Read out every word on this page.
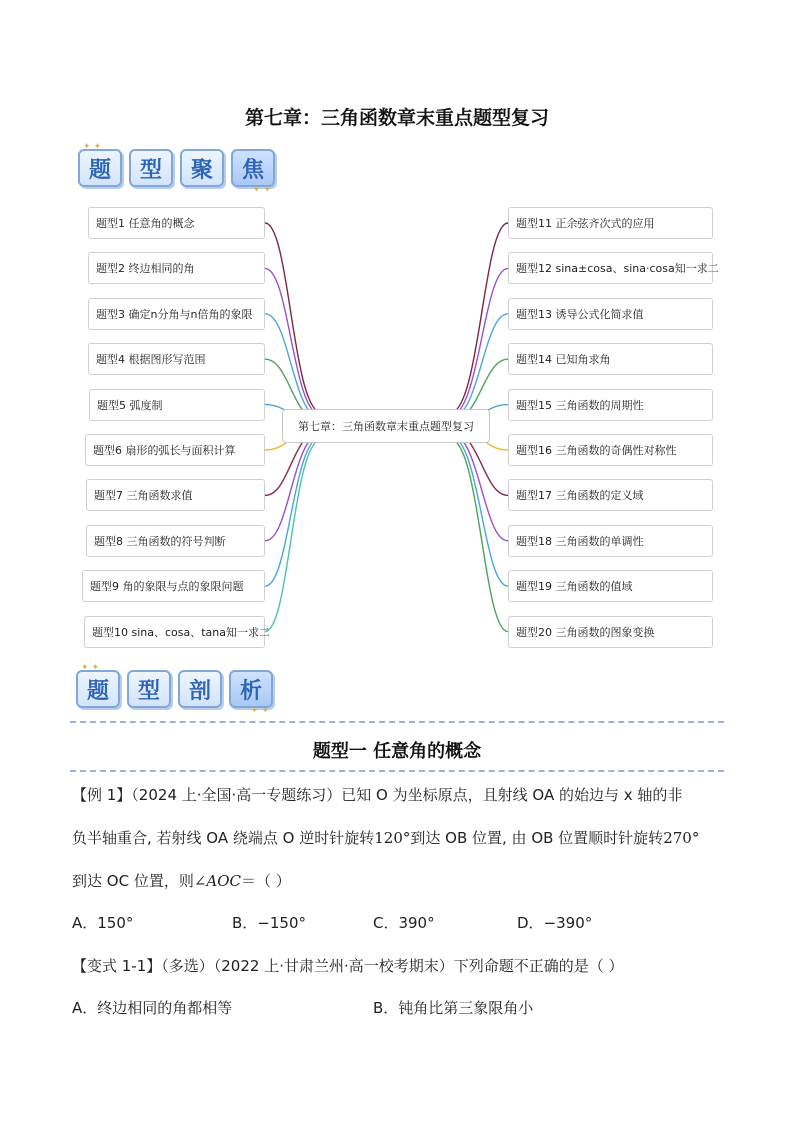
第七章：三角函数章末重点题型复习
题
✦ ✦
型	聚	焦
✦ ✦
题型1 任意角的概念
题型2 终边相同的角
题型3 确定n分角与n倍角的象限
题型4 根据图形写范围
题型5 弧度制
题型6 扇形的弧长与面积计算
题型7 三角函数求值
题型8 三角函数的符号判断
题型9 角的象限与点的象限问题
题型10 sina、cosa、tana知一求二
题型11 正余弦齐次式的应用
题型12 sina±cosa、sina·cosa知一求二
题型13 诱导公式化简求值
题型14 已知角求角
题型15 三角函数的周期性
题型16 三角函数的奇偶性对称性
题型17 三角函数的定义域
题型18 三角函数的单调性
题型19 三角函数的值域
题型20 三角函数的图象变换
第七章：三角函数章末重点题型复习
题
✦ ✦
型	剖	析
✦ ✦
题型一 任意角的概念
【例 1】（2024 上·全国·高一专题练习）已知 O 为坐标原点，且射线 OA 的始边与 x 轴的非
负半轴重合, 若射线 OA 绕端点 O 逆时针旋转120°到达 OB 位置, 由 OB 位置顺时针旋转270°
到达 OC 位置，则∠AOC＝（ ）
A．150°	B．−150°	C．390°	D．−390°
【变式 1-1】（多选）（2022 上·甘肃兰州·高一校考期末）下列命题不正确的是（ ）
A．终边相同的角都相等	B．钝角比第三象限角小
